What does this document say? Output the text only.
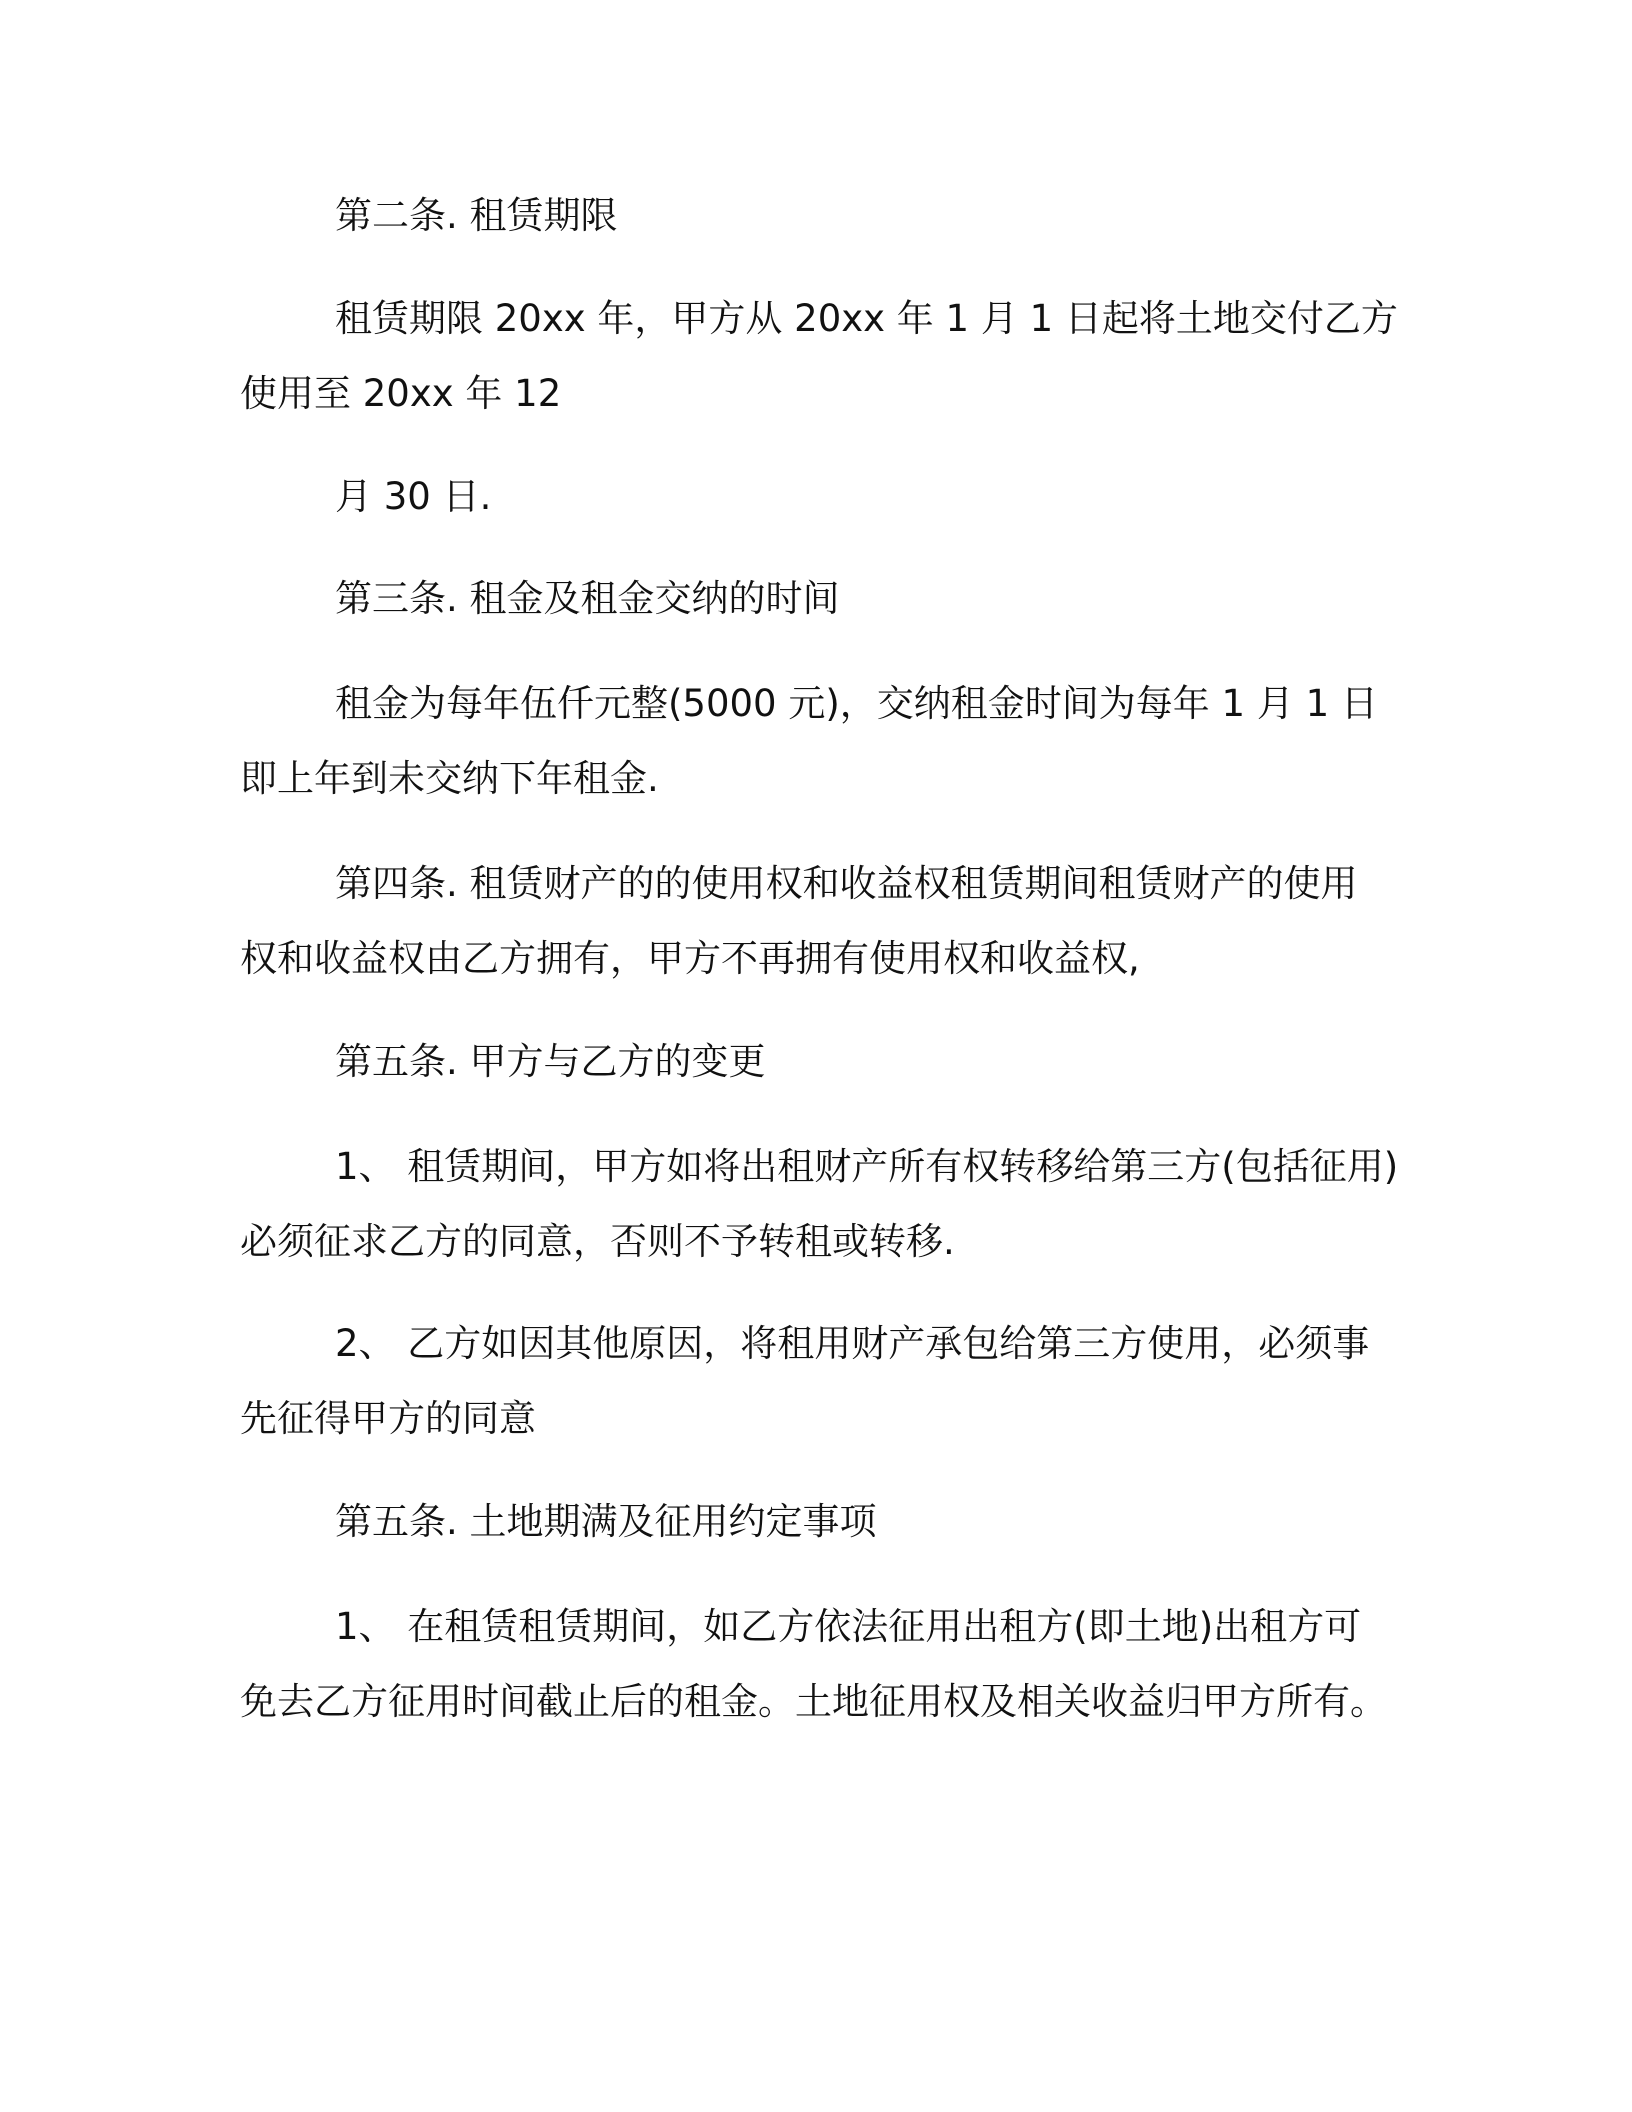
第二条. 租赁期限
租赁期限 20xx 年，甲方从 20xx 年 1 月 1 日起将土地交付乙方
使用至 20xx 年 12
月 30 日.
第三条. 租金及租金交纳的时间
租金为每年伍仟元整(5000 元)，交纳租金时间为每年 1 月 1 日
即上年到未交纳下年租金.
第四条. 租赁财产的的使用权和收益权租赁期间租赁财产的使用
权和收益权由乙方拥有，甲方不再拥有使用权和收益权,
第五条. 甲方与乙方的变更
1、 租赁期间，甲方如将出租财产所有权转移给第三方(包括征用)
必须征求乙方的同意，否则不予转租或转移.
2、 乙方如因其他原因，将租用财产承包给第三方使用，必须事
先征得甲方的同意
第五条. 土地期满及征用约定事项
1、 在租赁租赁期间，如乙方依法征用出租方(即土地)出租方可
免去乙方征用时间截止后的租金。土地征用权及相关收益归甲方所有。
